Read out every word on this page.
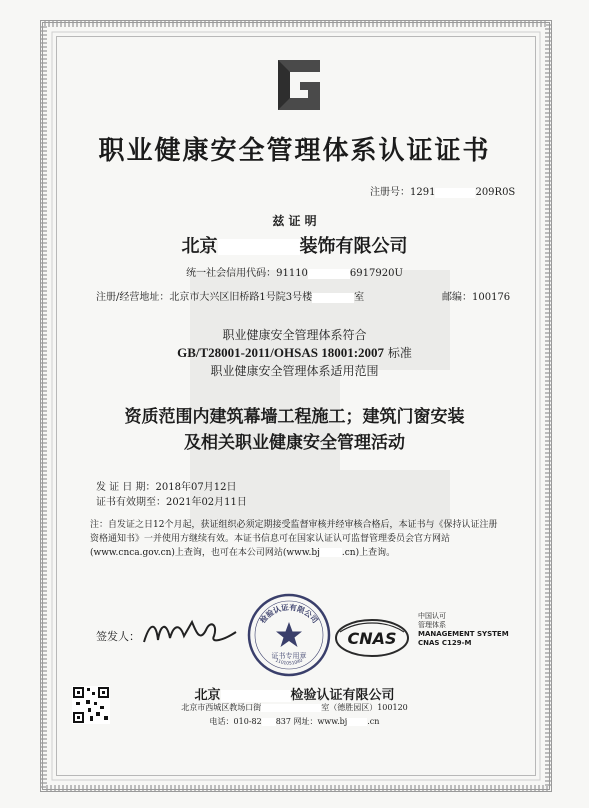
职业健康安全管理体系认证证书
注册号：1291	209R0S
兹 证 明
北京	装饰有限公司
统一社会信用代码：91110	6917920U
注册/经营地址：北京市大兴区旧桥路1号院3号楼	室	邮编：100176
职业健康安全管理体系符合
GB/T28001-2011/OHSAS 18001:2007 标准
职业健康安全管理体系适用范围
资质范围内建筑幕墙工程施工；建筑门窗安装
及相关职业健康安全管理活动
发 证 日 期：2018年07月12日
证书有效期至：2021年02月11日
注：自发证之日12个月起，获证组织必须定期接受监督审核并经审核合格后，本证书与《保持认证注册资格通知书》一并使用方继续有效。本证书信息可在国家认证认可监督管理委员会官方网站(www.cnca.gov.cn)上查询，也可在本公司网站(www.bj .cn)上查询。
签发人：
检验认证有限公司
证书专用章
1101051040
CNAS
中国认可
管理体系
MANAGEMENT SYSTEM
CNAS C129-M
北京	检验认证有限公司
北京市西城区教场口街	室（德胜园区）100120
电话：010-82 837 网址：www.bj	.cn
